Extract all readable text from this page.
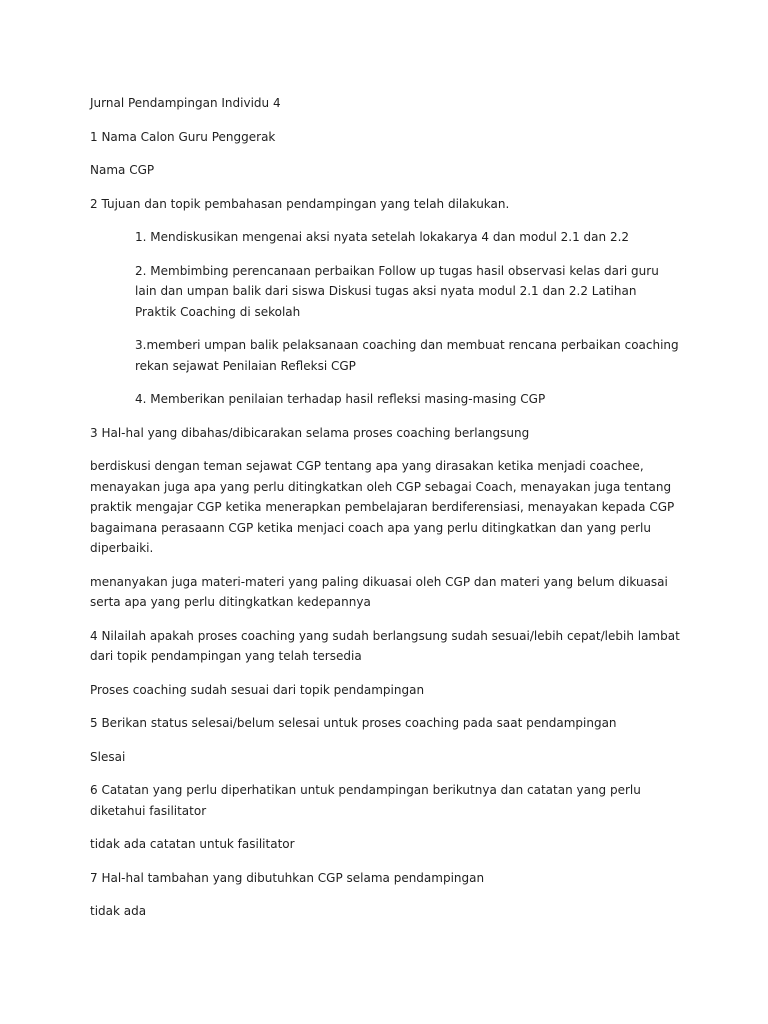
Jurnal Pendampingan Individu 4

1 Nama Calon Guru Penggerak

Nama CGP

2 Tujuan dan topik pembahasan pendampingan yang telah dilakukan.

1. Mendiskusikan mengenai aksi nyata setelah lokakarya 4 dan modul 2.1 dan 2.2

2. Membimbing perencanaan perbaikan Follow up tugas hasil observasi kelas dari guru lain dan umpan balik dari siswa Diskusi tugas aksi nyata modul 2.1 dan 2.2 Latihan Praktik Coaching di sekolah

3.memberi umpan balik pelaksanaan coaching dan membuat rencana perbaikan coaching rekan sejawat Penilaian Refleksi CGP

4. Memberikan penilaian terhadap hasil refleksi masing-masing CGP

3 Hal-hal yang dibahas/dibicarakan selama proses coaching berlangsung

berdiskusi dengan teman sejawat CGP tentang apa yang dirasakan ketika menjadi coachee, menayakan juga apa yang perlu ditingkatkan oleh CGP sebagai Coach, menayakan juga tentang praktik mengajar CGP ketika menerapkan pembelajaran berdiferensiasi, menayakan kepada CGP bagaimana perasaann CGP ketika menjaci coach apa yang perlu ditingkatkan dan yang perlu diperbaiki.

menanyakan juga materi-materi yang paling dikuasai oleh CGP dan materi yang belum dikuasai serta apa yang perlu ditingkatkan kedepannya

4 Nilailah apakah proses coaching yang sudah berlangsung sudah sesuai/lebih cepat/lebih lambat dari topik pendampingan yang telah tersedia

Proses coaching sudah sesuai dari topik pendampingan

5 Berikan status selesai/belum selesai untuk proses coaching pada saat pendampingan

Slesai

6 Catatan yang perlu diperhatikan untuk pendampingan berikutnya dan catatan yang perlu diketahui fasilitator

tidak ada catatan untuk fasilitator

7 Hal-hal tambahan yang dibutuhkan CGP selama pendampingan

tidak ada
